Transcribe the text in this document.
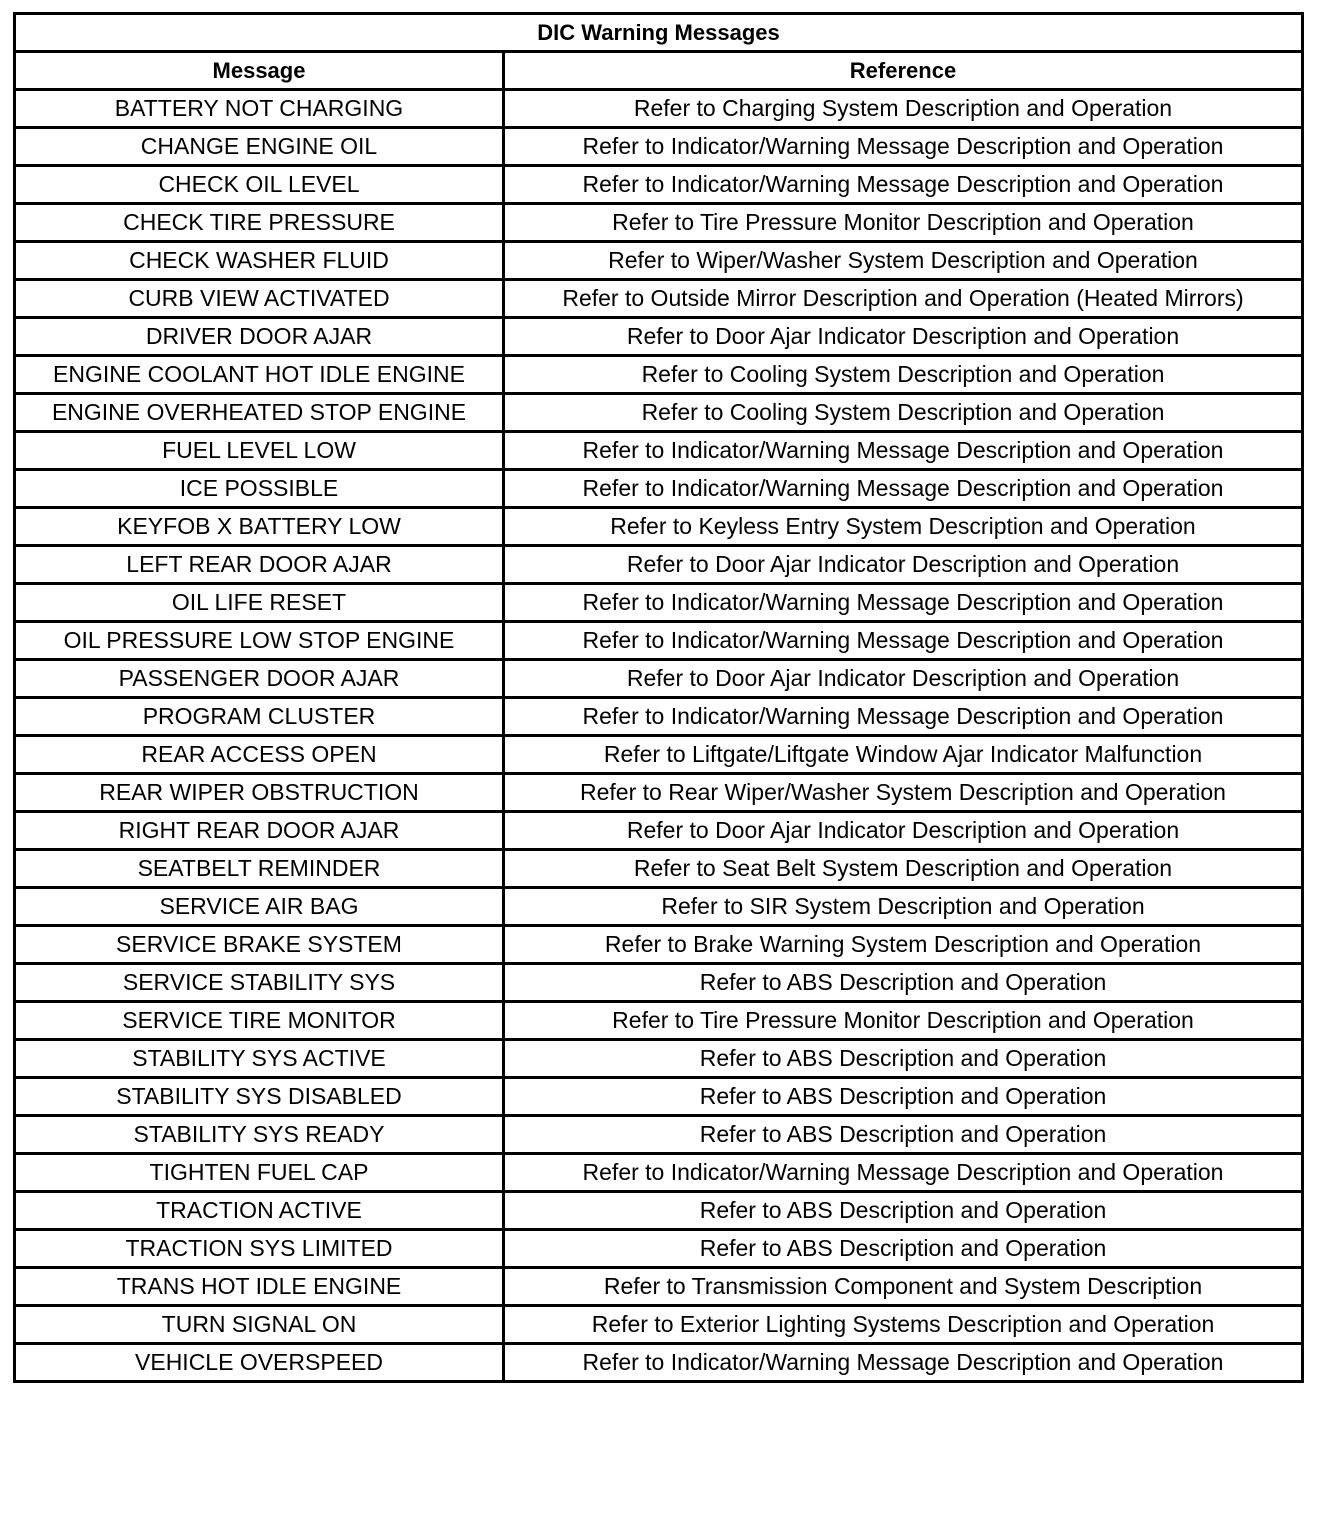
DIC Warning Messages	
Message	Reference
BATTERY NOT CHARGING	Refer to Charging System Description and Operation
CHANGE ENGINE OIL	Refer to Indicator/Warning Message Description and Operation
CHECK OIL LEVEL	Refer to Indicator/Warning Message Description and Operation
CHECK TIRE PRESSURE	Refer to Tire Pressure Monitor Description and Operation
CHECK WASHER FLUID	Refer to Wiper/Washer System Description and Operation
CURB VIEW ACTIVATED	Refer to Outside Mirror Description and Operation (Heated Mirrors)
DRIVER DOOR AJAR	Refer to Door Ajar Indicator Description and Operation
ENGINE COOLANT HOT IDLE ENGINE	Refer to Cooling System Description and Operation
ENGINE OVERHEATED STOP ENGINE	Refer to Cooling System Description and Operation
FUEL LEVEL LOW	Refer to Indicator/Warning Message Description and Operation
ICE POSSIBLE	Refer to Indicator/Warning Message Description and Operation
KEYFOB X BATTERY LOW	Refer to Keyless Entry System Description and Operation
LEFT REAR DOOR AJAR	Refer to Door Ajar Indicator Description and Operation
OIL LIFE RESET	Refer to Indicator/Warning Message Description and Operation
OIL PRESSURE LOW STOP ENGINE	Refer to Indicator/Warning Message Description and Operation
PASSENGER DOOR AJAR	Refer to Door Ajar Indicator Description and Operation
PROGRAM CLUSTER	Refer to Indicator/Warning Message Description and Operation
REAR ACCESS OPEN	Refer to Liftgate/Liftgate Window Ajar Indicator Malfunction
REAR WIPER OBSTRUCTION	Refer to Rear Wiper/Washer System Description and Operation
RIGHT REAR DOOR AJAR	Refer to Door Ajar Indicator Description and Operation
SEATBELT REMINDER	Refer to Seat Belt System Description and Operation
SERVICE AIR BAG	Refer to SIR System Description and Operation
SERVICE BRAKE SYSTEM	Refer to Brake Warning System Description and Operation
SERVICE STABILITY SYS	Refer to ABS Description and Operation
SERVICE TIRE MONITOR	Refer to Tire Pressure Monitor Description and Operation
STABILITY SYS ACTIVE	Refer to ABS Description and Operation
STABILITY SYS DISABLED	Refer to ABS Description and Operation
STABILITY SYS READY	Refer to ABS Description and Operation
TIGHTEN FUEL CAP	Refer to Indicator/Warning Message Description and Operation
TRACTION ACTIVE	Refer to ABS Description and Operation
TRACTION SYS LIMITED	Refer to ABS Description and Operation
TRANS HOT IDLE ENGINE	Refer to Transmission Component and System Description
TURN SIGNAL ON	Refer to Exterior Lighting Systems Description and Operation
VEHICLE OVERSPEED	Refer to Indicator/Warning Message Description and Operation
